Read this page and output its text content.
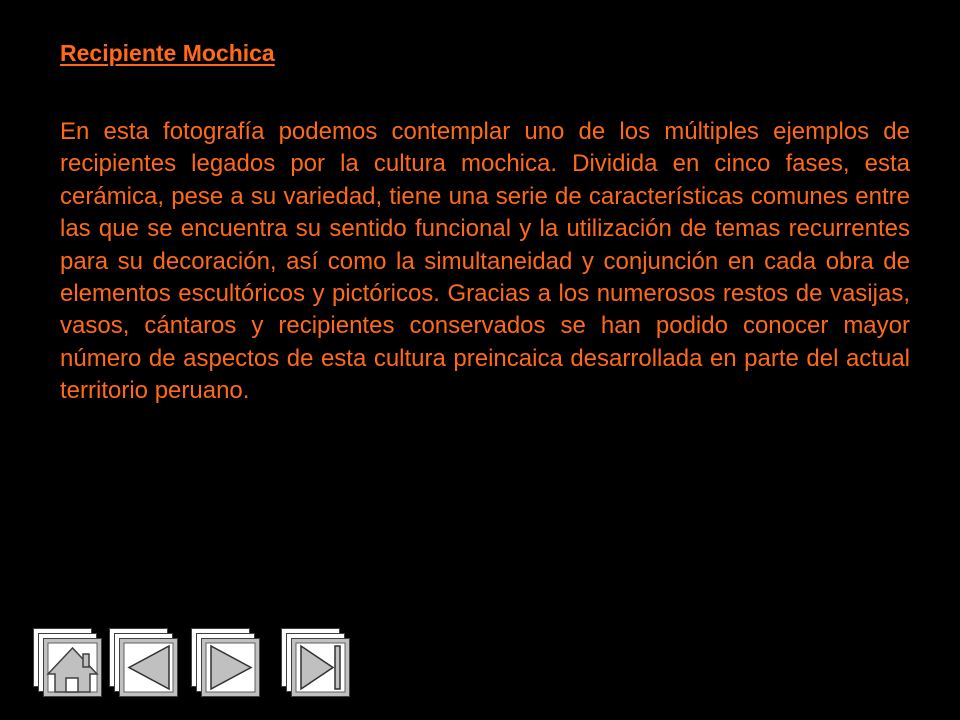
Recipiente Mochica

En esta fotografía podemos contemplar uno de los múltiples ejemplos de recipientes legados por la cultura mochica. Dividida en cinco fases, esta cerámica, pese a su variedad, tiene una serie de características comunes entre las que se encuentra su sentido funcional y la utilización de temas recurrentes para su decoración, así como la simultaneidad y conjunción en cada obra de elementos escultóricos y pictóricos. Gracias a los numerosos restos de vasijas, vasos, cántaros y recipientes conservados se han podido conocer mayor número de aspectos de esta cultura preincaica desarrollada en parte del actual territorio peruano.
